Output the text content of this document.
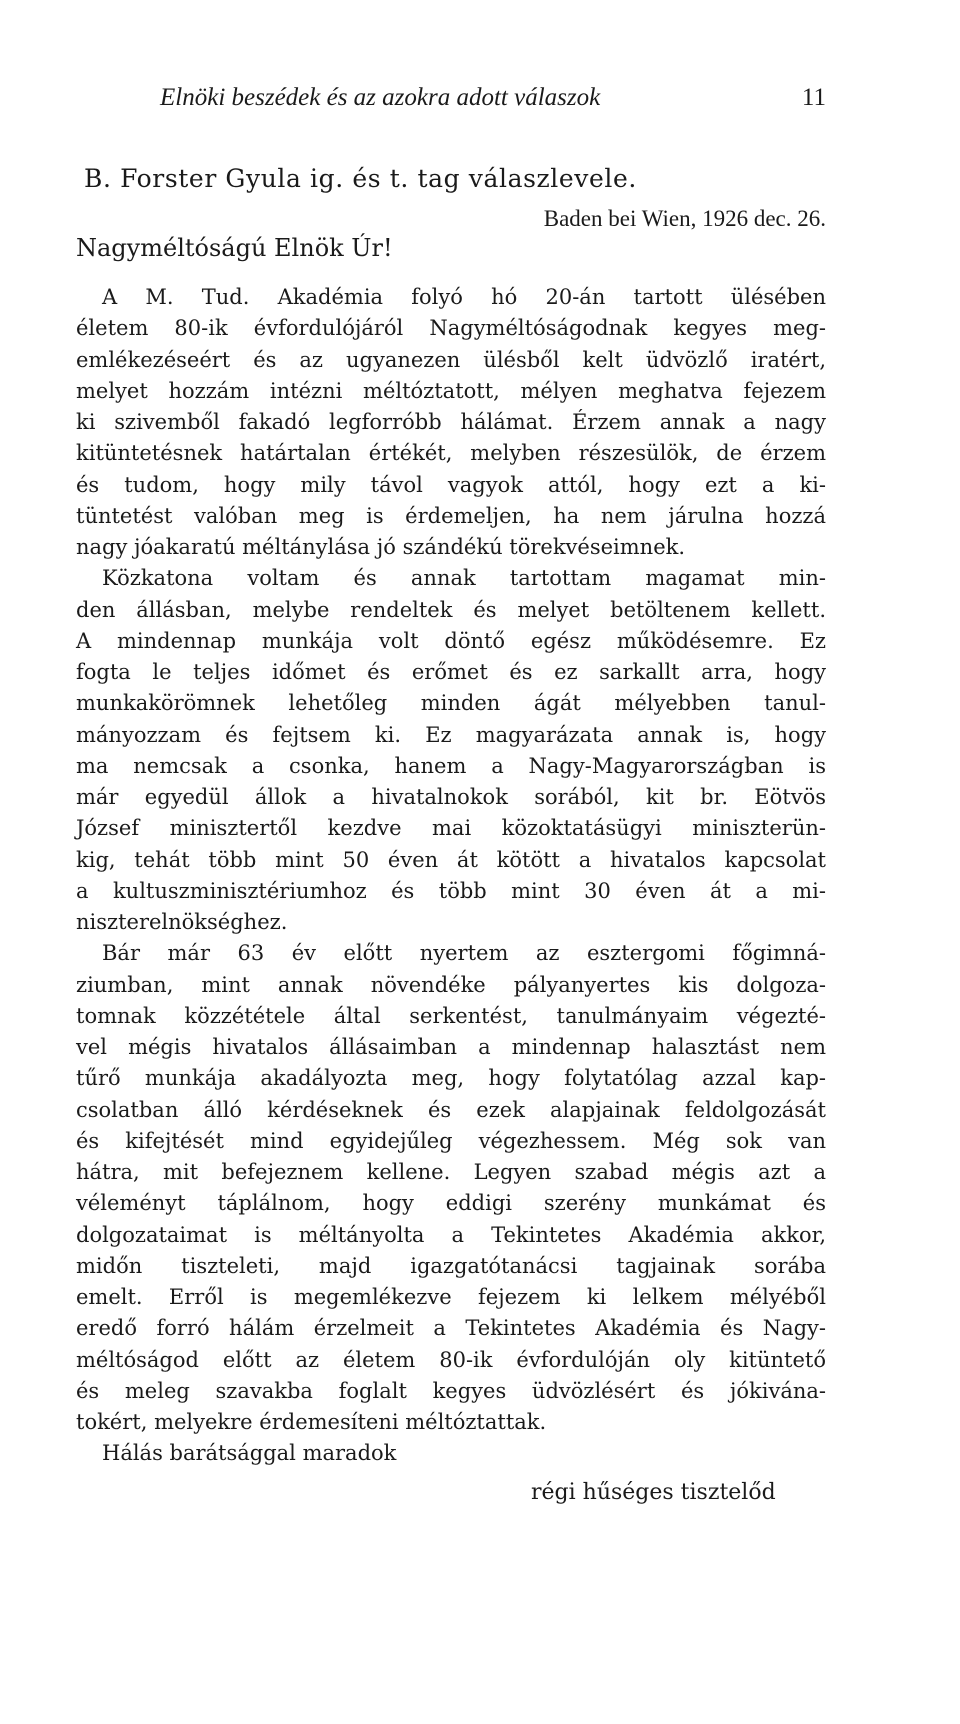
Elnöki beszédek és az azokra adott válaszok	11
B. Forster Gyula ig. és t. tag válaszlevele.
Baden bei Wien, 1926 dec. 26.
Nagyméltóságú Elnök Úr!
A M. Tud. Akadémia folyó hó 20-án tartott ülésében
életem 80-ik évfordulójáról Nagyméltóságodnak kegyes meg-
emlékezéseért és az ugyanezen ülésből kelt üdvözlő iratért,
melyet hozzám intézni méltóztatott, mélyen meghatva fejezem
ki szivemből fakadó legforróbb hálámat. Érzem annak a nagy
kitüntetésnek határtalan értékét, melyben részesülök, de érzem
és tudom, hogy mily távol vagyok attól, hogy ezt a ki-
tüntetést valóban meg is érdemeljen, ha nem járulna hozzá
nagy jóakaratú méltánylása jó szándékú törekvéseimnek.
Közkatona voltam és annak tartottam magamat min-
den állásban, melybe rendeltek és melyet betöltenem kellett.
A mindennap munkája volt döntő egész működésemre. Ez
fogta le teljes időmet és erőmet és ez sarkallt arra, hogy
munkakörömnek lehetőleg minden ágát mélyebben tanul-
mányozzam és fejtsem ki. Ez magyarázata annak is, hogy
ma nemcsak a csonka, hanem a Nagy-Magyarországban is
már egyedül állok a hivatalnokok sorából, kit br. Eötvös
József minisztertől kezdve mai közoktatásügyi miniszterün-
kig, tehát több mint 50 éven át kötött a hivatalos kapcsolat
a kultuszminisztériumhoz és több mint 30 éven át a mi-
niszterelnökséghez.
Bár már 63 év előtt nyertem az esztergomi főgimná-
ziumban, mint annak növendéke pályanyertes kis dolgoza-
tomnak közzététele által serkentést, tanulmányaim végezté-
vel mégis hivatalos állásaimban a mindennap halasztást nem
tűrő munkája akadályozta meg, hogy folytatólag azzal kap-
csolatban álló kérdéseknek és ezek alapjainak feldolgozását
és kifejtését mind egyidejűleg végezhessem. Még sok van
hátra, mit befejeznem kellene. Legyen szabad mégis azt a
véleményt táplálnom, hogy eddigi szerény munkámat és
dolgozataimat is méltányolta a Tekintetes Akadémia akkor,
midőn tiszteleti, majd igazgatótanácsi tagjainak sorába
emelt. Erről is megemlékezve fejezem ki lelkem mélyéből
eredő forró hálám érzelmeit a Tekintetes Akadémia és Nagy-
méltóságod előtt az életem 80-ik évfordulóján oly kitüntető
és meleg szavakba foglalt kegyes üdvözlésért és jókivána-
tokért, melyekre érdemesíteni méltóztattak.
Hálás barátsággal maradok
régi hűséges tisztelőd
